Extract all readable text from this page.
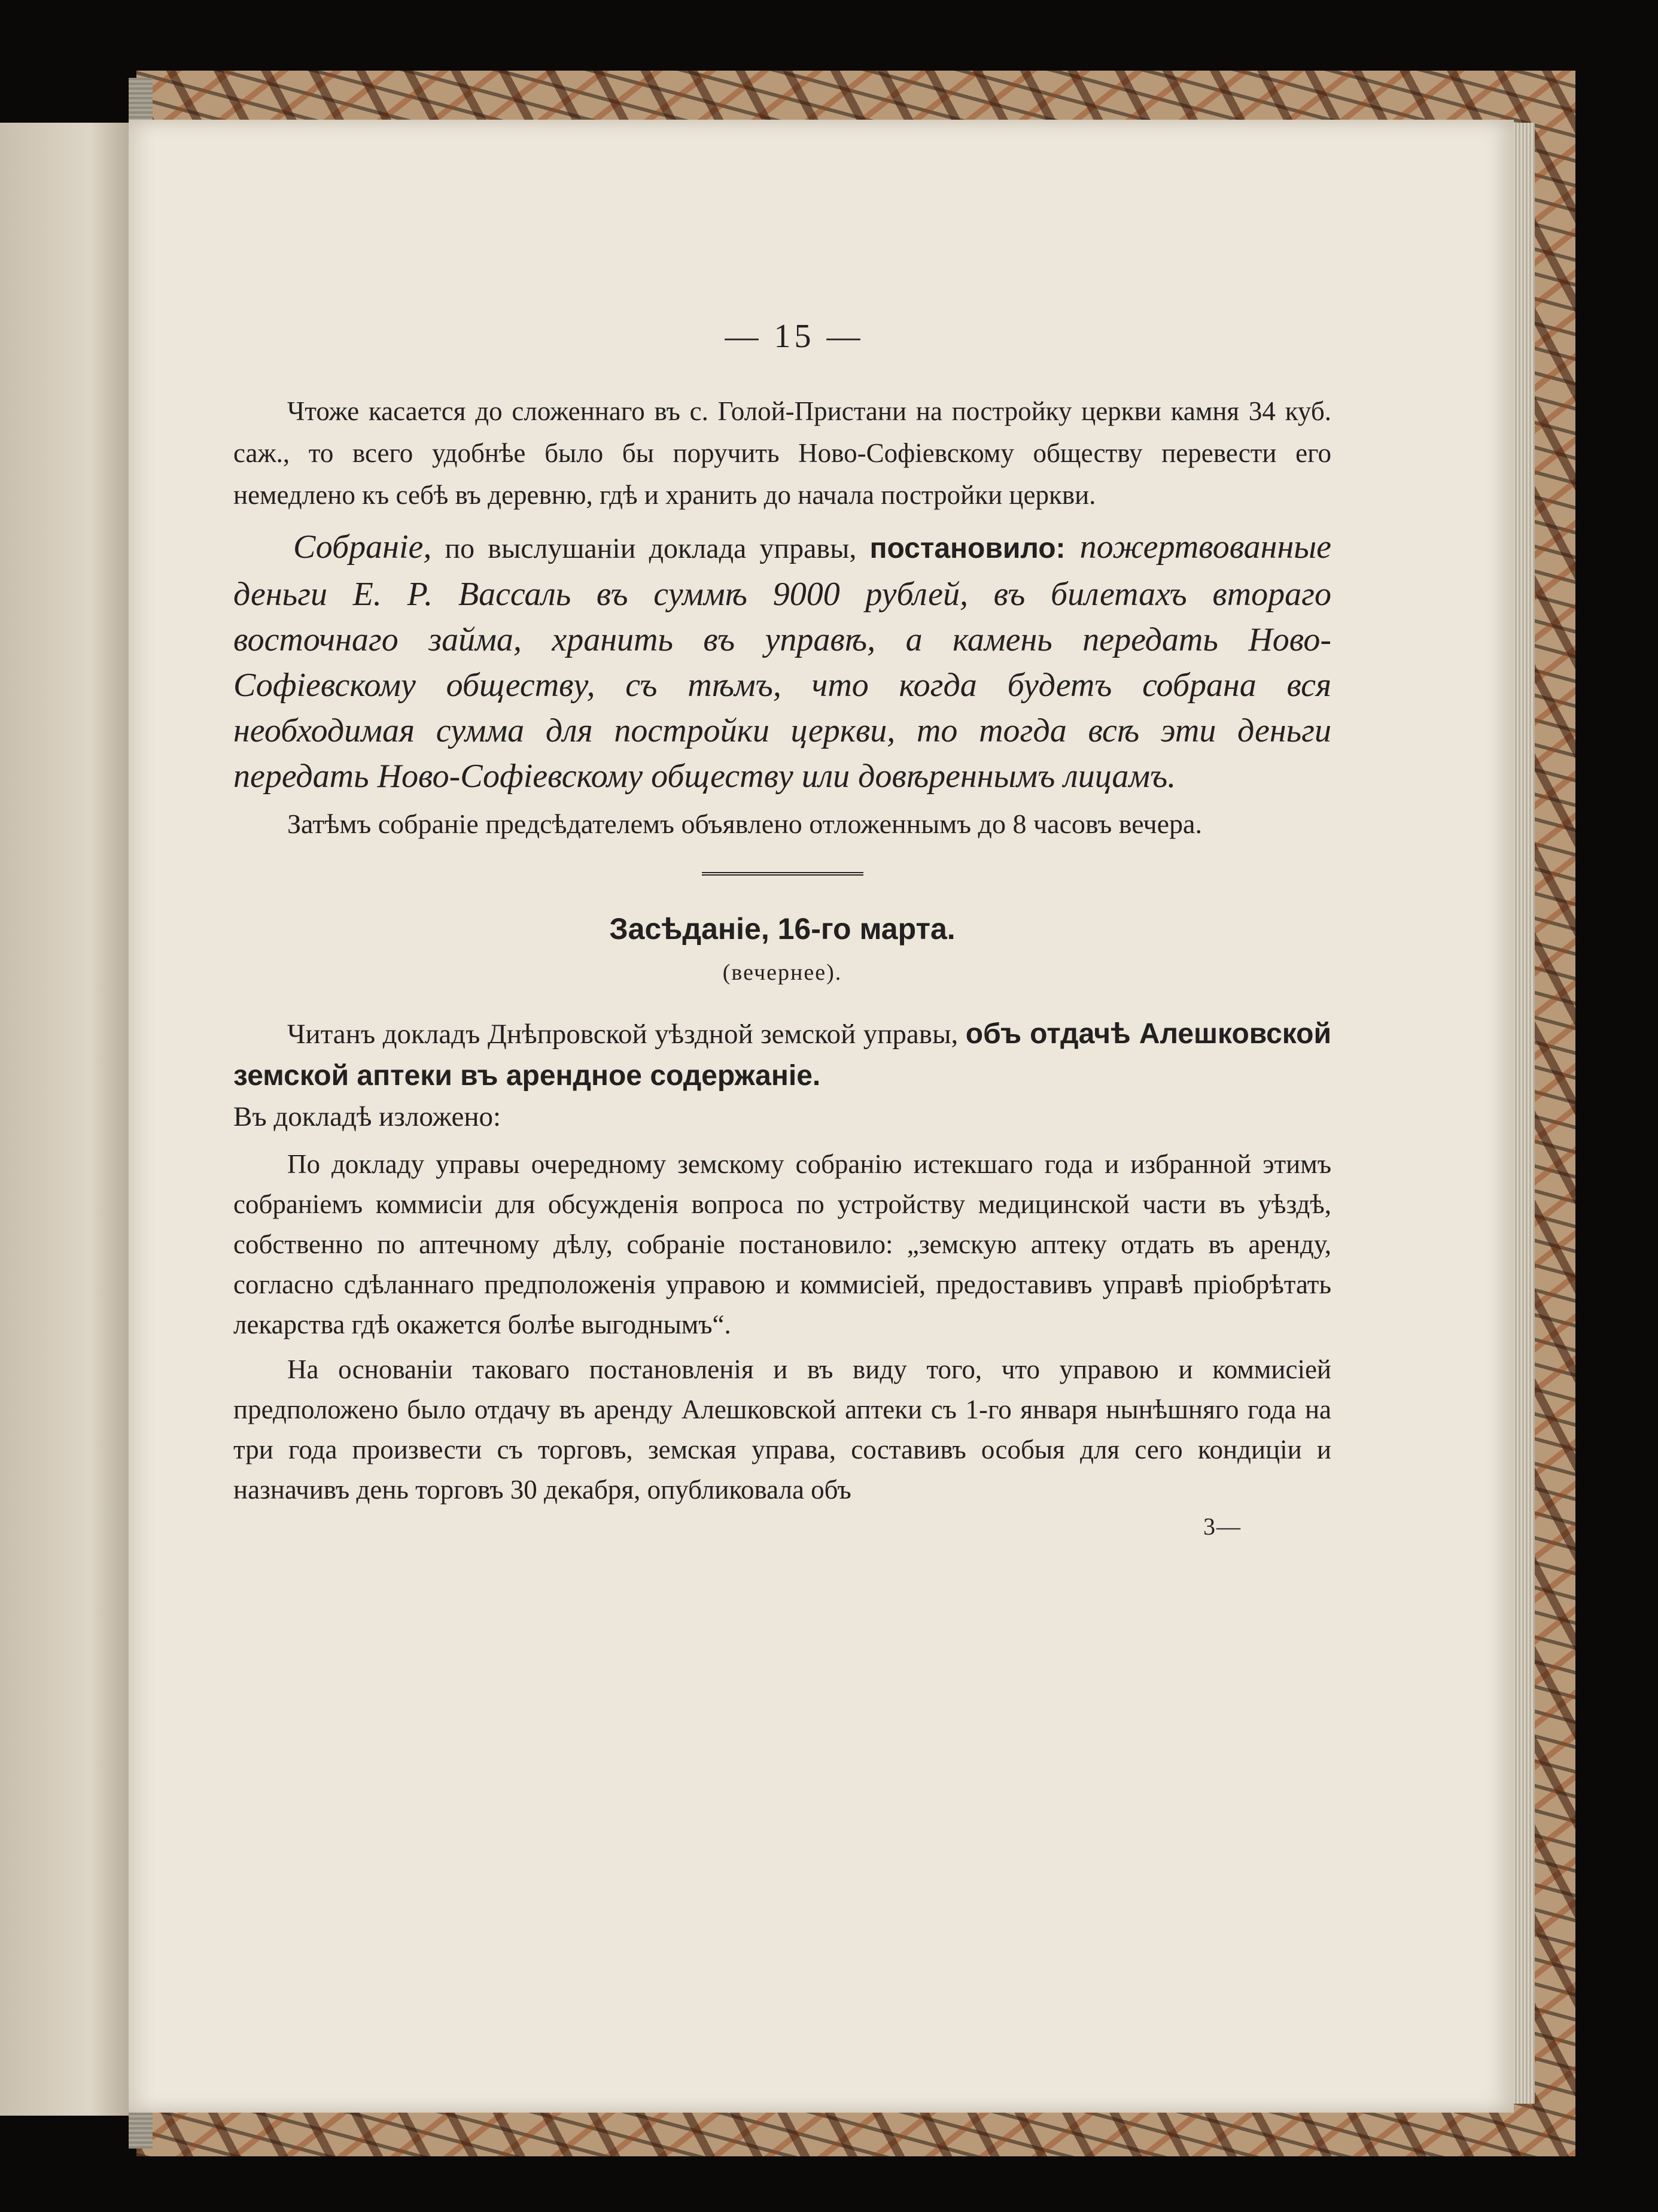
— 15 —

Чтоже касается до сложеннаго въ с. Голой-Пристани на постройку церкви камня 34 куб. саж., то всего удобнѣе было бы поручить Ново-Софіевскому обществу перевести его немедлено къ себѣ въ деревню, гдѣ и хранить до начала постройки церкви.

Собраніе, по выслушаніи доклада управы, постановило: пожертвованные деньги Е. Р. Вассаль въ суммѣ 9000 рублей, въ билетахъ втораго восточнаго займа, хранить въ управѣ, а камень передать Ново-Софіевскому обществу, съ тѣмъ, что когда будетъ собрана вся необходимая сумма для постройки церкви, то тогда всѣ эти деньги передать Ново-Софіевскому обществу или довѣреннымъ лицамъ.

Затѣмъ собраніе предсѣдателемъ объявлено отложеннымъ до 8 часовъ вечера.

Засѣданіе, 16-го марта.
(вечернее).

Читанъ докладъ Днѣпровской уѣздной земской управы, объ отдачѣ Алешковской земской аптеки въ арендное содержаніе.

Въ докладѣ изложено:

По докладу управы очередному земскому собранію истекшаго года и избранной этимъ собраніемъ коммисіи для обсужденія вопроса по устройству медицинской части въ уѣздѣ, собственно по аптечному дѣлу, собраніе постановило: „земскую аптеку отдать въ аренду, согласно сдѣланнаго предположенія управою и коммисіей, предоставивъ управѣ пріобрѣтать лекарства гдѣ окажется болѣе выгоднымъ“.

На основаніи таковаго постановленія и въ виду того, что управою и коммисіей предположено было отдачу въ аренду Алешковской аптеки съ 1-го января нынѣшняго года на три года произвести съ торговъ, земская управа, составивъ особыя для сего кондиціи и назначивъ день торговъ 30 декабря, опубликовала объ

3—
